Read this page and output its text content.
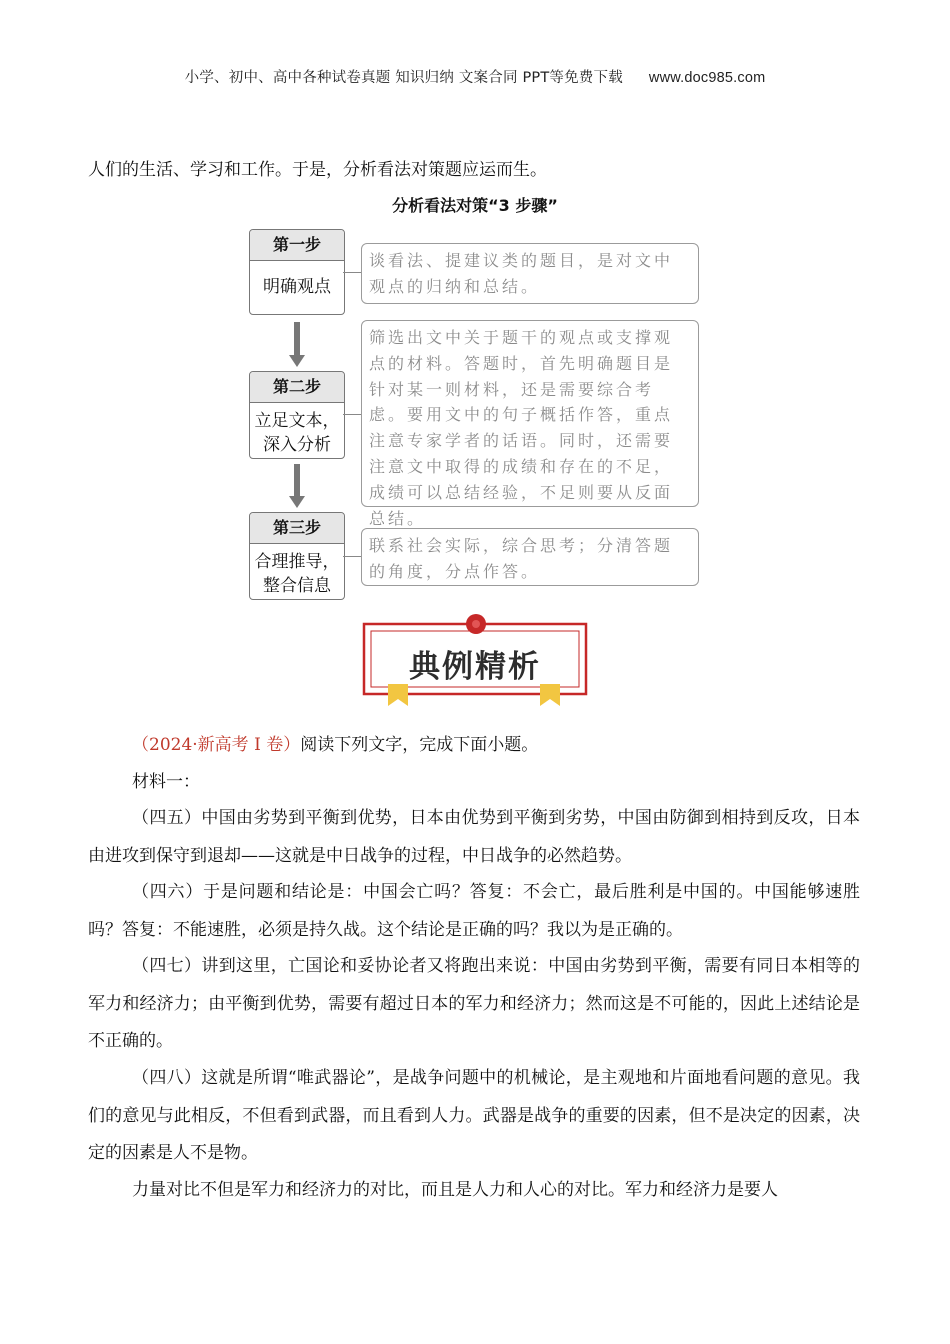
小学、初中、高中各种试卷真题 知识归纳 文案合同 PPT等免费下载 www.doc985.com
人们的生活、学习和工作。于是，分析看法对策题应运而生。
分析看法对策“3 步骤”
第一步
明确观点
谈看法、提建议类的题目，是对文中观点的归纳和总结。
第二步
立足文本，
深入分析
筛选出文中关于题干的观点或支撑观点的材料。答题时，首先明确题目是针对某一则材料，还是需要综合考虑。要用文中的句子概括作答，重点注意专家学者的话语。同时，还需要注意文中取得的成绩和存在的不足，成绩可以总结经验，不足则要从反面总结。
第三步
合理推导，
整合信息
联系社会实际，综合思考；分清答题的角度，分点作答。
典例精析
（2024·新高考 I 卷）阅读下列文字，完成下面小题。
材料一：
（四五）中国由劣势到平衡到优势，日本由优势到平衡到劣势，中国由防御到相持到反攻，日本由进攻到保守到退却——这就是中日战争的过程，中日战争的必然趋势。
（四六）于是问题和结论是：中国会亡吗？答复：不会亡，最后胜利是中国的。中国能够速胜吗？答复：不能速胜，必须是持久战。这个结论是正确的吗？我以为是正确的。
（四七）讲到这里，亡国论和妥协论者又将跑出来说：中国由劣势到平衡，需要有同日本相等的军力和经济力；由平衡到优势，需要有超过日本的军力和经济力；然而这是不可能的，因此上述结论是不正确的。
（四八）这就是所谓“唯武器论”，是战争问题中的机械论，是主观地和片面地看问题的意见。我们的意见与此相反，不但看到武器，而且看到人力。武器是战争的重要的因素，但不是决定的因素，决定的因素是人不是物。
力量对比不但是军力和经济力的对比，而且是人力和人心的对比。军力和经济力是要人
